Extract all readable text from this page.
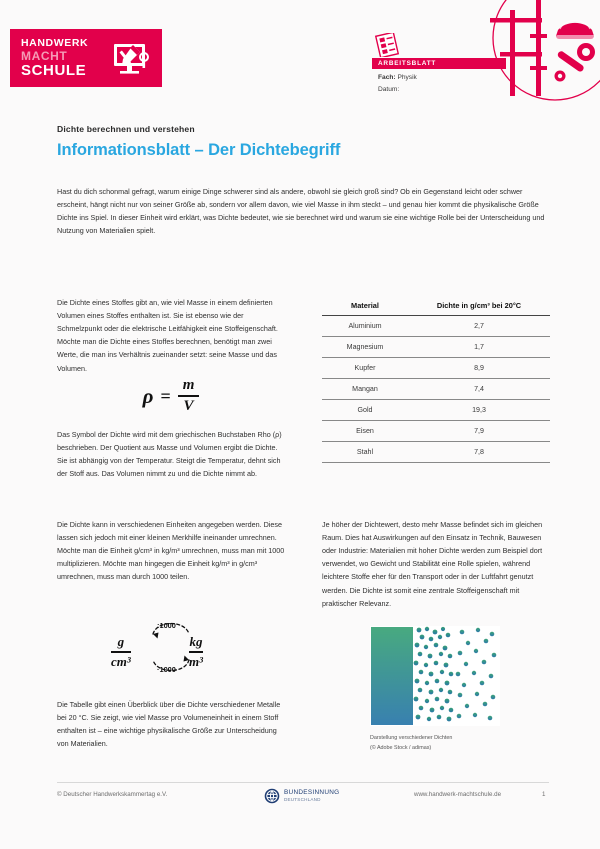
HANDWERK
MACHT
SCHULE	ARBEITSBLATT
Fach: Physik
Datum:
Dichte berechnen und verstehen
Informationsblatt – Der Dichtebegriff
Hast du dich schonmal gefragt, warum einige Dinge schwerer sind als andere, obwohl sie gleich groß sind? Ob ein Gegenstand leicht oder schwer erscheint, hängt nicht nur von seiner Größe ab, sondern vor allem davon, wie viel Masse in ihm steckt – und genau hier kommt die physikalische Größe Dichte ins Spiel. In dieser Einheit wird erklärt, was Dichte bedeutet, wie sie berechnet wird und warum sie eine wichtige Rolle bei der Unterscheidung und Nutzung von Materialien spielt.

Die Dichte eines Stoffes gibt an, wie viel Masse in einem definierten Volumen eines Stoffes enthalten ist. Sie ist ebenso wie der Schmelzpunkt oder die elektrische Leitfähigkeit eine Stoffeigenschaft. Möchte man die Dichte eines Stoffes berechnen, benötigt man zwei Werte, die man ins Verhältnis zueinander setzt: seine Masse und das Volumen.

$\rho = \frac{m}{V}$

Das Symbol der Dichte wird mit dem griechischen Buchstaben Rho (ρ) beschrieben. Der Quotient aus Masse und Volumen ergibt die Dichte. Sie ist abhängig von der Temperatur. Steigt die Temperatur, dehnt sich der Stoff aus. Das Volumen nimmt zu und die Dichte nimmt ab.

Die Dichte kann in verschiedenen Einheiten angegeben werden. Diese lassen sich jedoch mit einer kleinen Merkhilfe ineinander umrechnen.

Möchte man die Einheit g/cm³ in kg/m³ umrechnen, muss man mit 1000 multiplizieren. Möchte man hingegen die Einheit kg/m³ in g/cm³ umrechnen, muss man durch 1000 teilen.

g
cm³
kg
m³
:1000
·1000

Die Tabelle gibt einen Überblick über die Dichte verschiedener Metalle bei 20 °C. Sie zeigt, wie viel Masse pro Volumeneinheit in einem Stoff enthalten ist – eine wichtige physikalische Größe zur Unterscheidung von Materialien.

Material	Dichte in g/cm³ bei 20°C
Aluminium	2,7
Magnesium	1,7
Kupfer	8,9
Mangan	7,4
Gold	19,3
Eisen	7,9
Stahl	7,8

Je höher der Dichtewert, desto mehr Masse befindet sich im gleichen Raum. Dies hat Auswirkungen auf den Einsatz in Technik, Bauwesen oder Industrie: Materialien mit hoher Dichte werden zum Beispiel dort verwendet, wo Gewicht und Stabilität eine Rolle spielen, während leichtere Stoffe eher für den Transport oder in der Luftfahrt genutzt werden. Die Dichte ist somit eine zentrale Stoffeigenschaft mit praktischer Relevanz.

Darstellung verschiedener Dichten
(© Adobe Stock / adimas)
© Deutscher Handwerkskammertag e.V.	BUNDESINNUNG
DEUTSCHLAND
www.handwerk-machtschule.de	1
